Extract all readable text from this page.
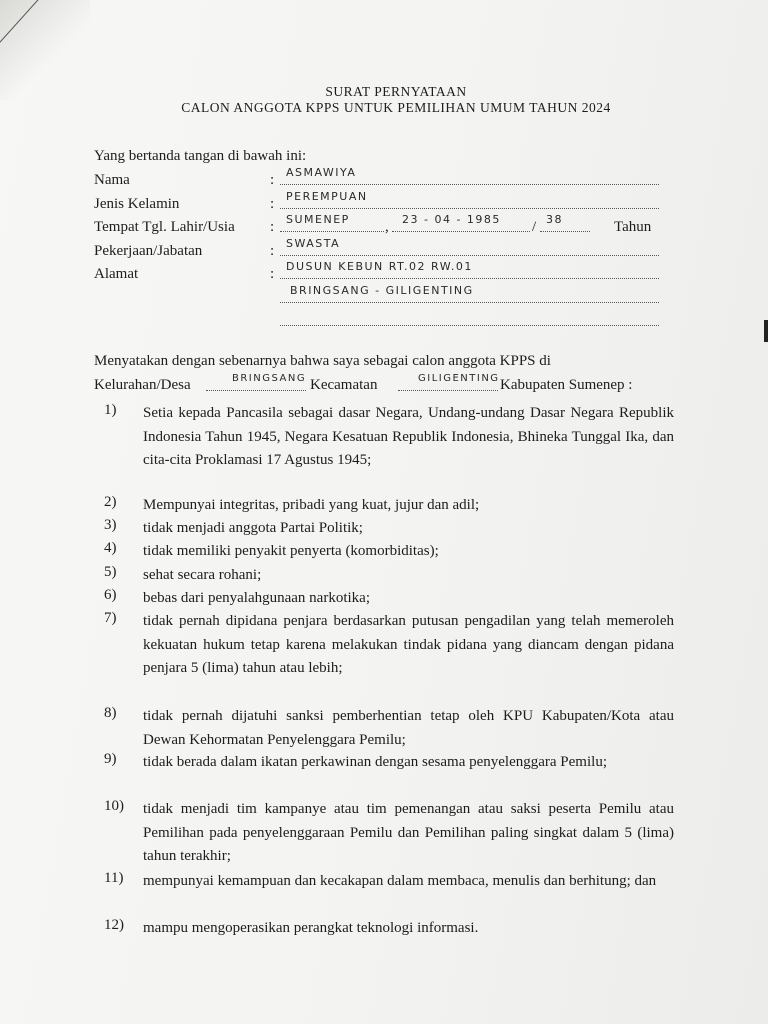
SURAT PERNYATAAN
CALON ANGGOTA KPPS UNTUK PEMILIHAN UMUM TAHUN 2024
Yang bertanda tangan di bawah ini:
Nama	: ASMAWIYA
Jenis Kelamin	: PEREMPUAN
Tempat Tgl. Lahir/Usia : SUMENEP , 23 - 04 - 1985 / 38	Tahun
Pekerjaan/Jabatan	: SWASTA
Alamat	: DUSUN KEBUN RT.02 RW.01
BRINGSANG - GILIGENTING
Menyatakan dengan sebenarnya bahwa saya sebagai calon anggota KPPS di
Kelurahan/Desa	BRINGSANG Kecamatan	GILIGENTING Kabupaten Sumenep :
1)	Setia kepada Pancasila sebagai dasar Negara, Undang-undang Dasar Negara Republik Indonesia Tahun 1945, Negara Kesatuan Republik Indonesia, Bhineka Tunggal Ika, dan cita-cita Proklamasi 17 Agustus 1945;
2)	Mempunyai integritas, pribadi yang kuat, jujur dan adil;
3)	tidak menjadi anggota Partai Politik;
4)	tidak memiliki penyakit penyerta (komorbiditas);
5)	sehat secara rohani;
6)	bebas dari penyalahgunaan narkotika;
7)	tidak pernah dipidana penjara berdasarkan putusan pengadilan yang telah memeroleh kekuatan hukum tetap karena melakukan tindak pidana yang diancam dengan pidana penjara 5 (lima) tahun atau lebih;
8)	tidak pernah dijatuhi sanksi pemberhentian tetap oleh KPU Kabupaten/Kota atau Dewan Kehormatan Penyelenggara Pemilu;
9)	tidak berada dalam ikatan perkawinan dengan sesama penyelenggara Pemilu;
10)	tidak menjadi tim kampanye atau tim pemenangan atau saksi peserta Pemilu atau Pemilihan pada penyelenggaraan Pemilu dan Pemilihan paling singkat dalam 5 (lima) tahun terakhir;
11)	mempunyai kemampuan dan kecakapan dalam membaca, menulis dan berhitung; dan
12)	mampu mengoperasikan perangkat teknologi informasi.
